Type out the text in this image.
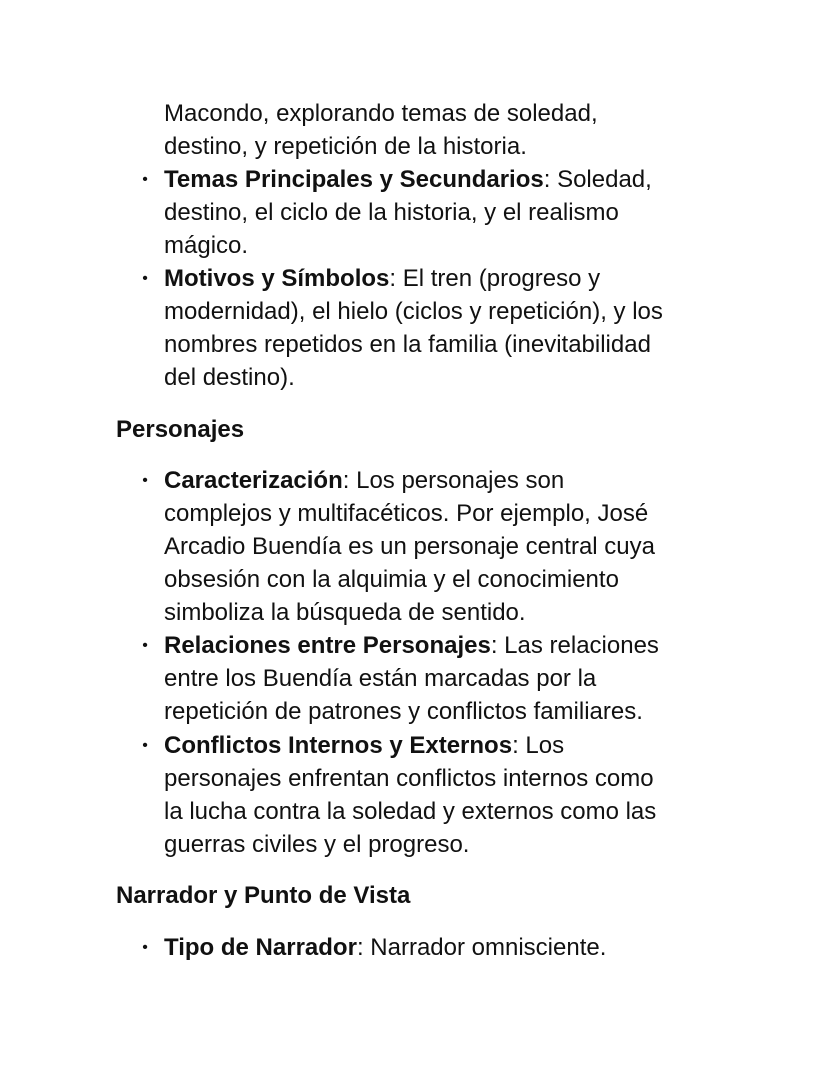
Macondo, explorando temas de soledad,
destino, y repetición de la historia.
• Temas Principales y Secundarios: Soledad,
destino, el ciclo de la historia, y el realismo
mágico.
• Motivos y Símbolos: El tren (progreso y
modernidad), el hielo (ciclos y repetición), y los
nombres repetidos en la familia (inevitabilidad
del destino).
Personajes
• Caracterización: Los personajes son
complejos y multifacéticos. Por ejemplo, José
Arcadio Buendía es un personaje central cuya
obsesión con la alquimia y el conocimiento
simboliza la búsqueda de sentido.
• Relaciones entre Personajes: Las relaciones
entre los Buendía están marcadas por la
repetición de patrones y conflictos familiares.
• Conflictos Internos y Externos: Los
personajes enfrentan conflictos internos como
la lucha contra la soledad y externos como las
guerras civiles y el progreso.
Narrador y Punto de Vista
• Tipo de Narrador: Narrador omnisciente.
